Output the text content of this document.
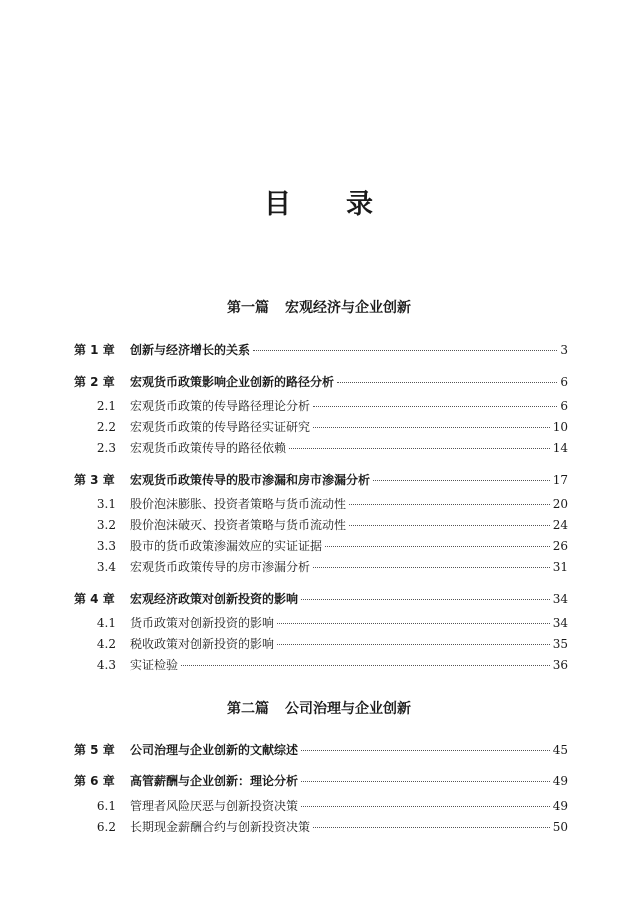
目 录
第一篇 宏观经济与企业创新
第 1 章	创新与经济增长的关系	3
第 2 章	宏观货币政策影响企业创新的路径分析	6
2.1	宏观货币政策的传导路径理论分析	6
2.2	宏观货币政策的传导路径实证研究	10
2.3	宏观货币政策传导的路径依赖	14
第 3 章	宏观货币政策传导的股市渗漏和房市渗漏分析	17
3.1	股价泡沫膨胀、投资者策略与货币流动性	20
3.2	股价泡沫破灭、投资者策略与货币流动性	24
3.3	股市的货币政策渗漏效应的实证证据	26
3.4	宏观货币政策传导的房市渗漏分析	31
第 4 章	宏观经济政策对创新投资的影响	34
4.1	货币政策对创新投资的影响	34
4.2	税收政策对创新投资的影响	35
4.3	实证检验	36
第二篇 公司治理与企业创新
第 5 章	公司治理与企业创新的文献综述	45
第 6 章	高管薪酬与企业创新：理论分析	49
6.1	管理者风险厌恶与创新投资决策	49
6.2	长期现金薪酬合约与创新投资决策	50
